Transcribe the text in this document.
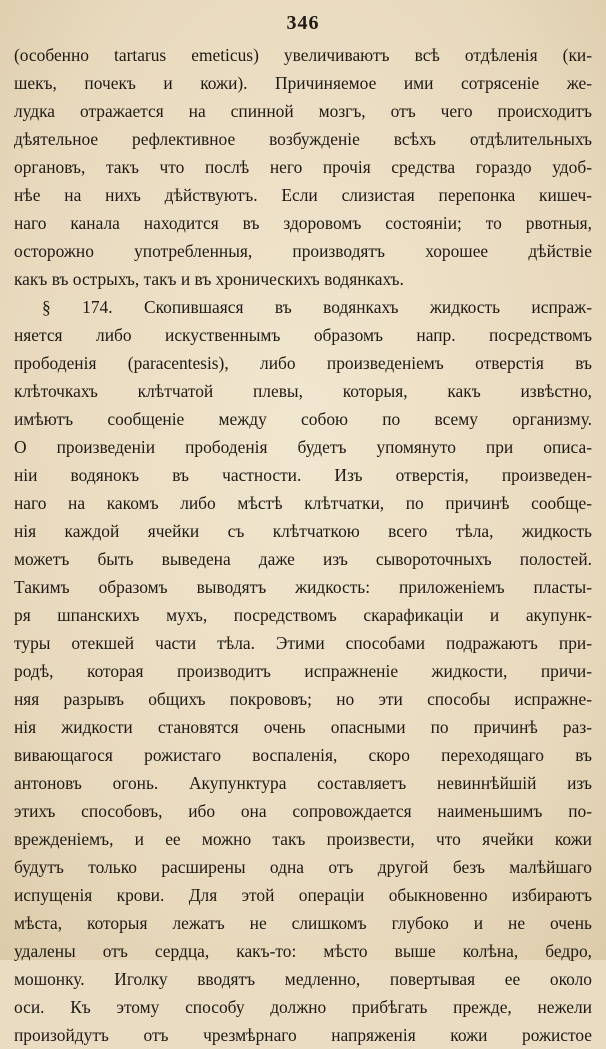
346
(особенно tartarus emeticus) увеличиваютъ всѣ отдѣленія (ки-
шекъ, почекъ и кожи). Причиняемое ими сотрясеніе же-
лудка отражается на спинной мозгъ, отъ чего происходитъ
дѣятельное рефлективное возбужденіе всѣхъ отдѣлительныхъ
органовъ, такъ что послѣ него прочія средства гораздо удоб-
нѣе на нихъ дѣйствуютъ. Если слизистая перепонка кишеч-
наго канала находится въ здоровомъ состояніи; то рвотныя,
осторожно употребленныя, производятъ хорошее дѣйствіе
какъ въ острыхъ, такъ и въ хроническихъ водянкахъ.
§ 174. Скопившаяся въ водянкахъ жидкость испраж-
няется либо искуственнымъ образомъ напр. посредствомъ
прободенія (paracentesis), либо произведеніемъ отверстія въ
клѣточкахъ клѣтчатой плевы, которыя, какъ извѣстно,
имѣютъ сообщеніе между собою по всему организму.
О произведеніи прободенія будетъ упомянуто при описа-
ніи водянокъ въ частности. Изъ отверстія, произведен-
наго на какомъ либо мѣстѣ клѣтчатки, по причинѣ сообще-
нія каждой ячейки съ клѣтчаткою всего тѣла, жидкость
можетъ быть выведена даже изъ сывороточныхъ полостей.
Такимъ образомъ выводятъ жидкость: приложеніемъ пласты-
ря шпанскихъ мухъ, посредствомъ скарафикаціи и акупунк-
туры отекшей части тѣла. Этими способами подражаютъ при-
родѣ, которая производитъ испражненіе жидкости, причи-
няя разрывъ общихъ покрововъ; но эти способы испражне-
нія жидкости становятся очень опасными по причинѣ раз-
вивающагося рожистаго воспаленія, скоро переходящаго въ
антоновъ огонь. Акупунктура составляетъ невиннѣйшій изъ
этихъ способовъ, ибо она сопровождается наименьшимъ по-
врежденіемъ, и ее можно такъ произвести, что ячейки кожи
будутъ только расширены одна отъ другой безъ малѣйшаго
испущенія крови. Для этой операціи обыкновенно избираютъ
мѣста, которыя лежатъ не слишкомъ глубоко и не очень
удалены отъ сердца, какъ-то: мѣсто выше колѣна, бедро,
мошонку. Иголку вводятъ медленно, повертывая ее около
оси. Къ этому способу должно прибѣгать прежде, нежели
произойдутъ отъ чрезмѣрнаго напряженія кожи рожистое
